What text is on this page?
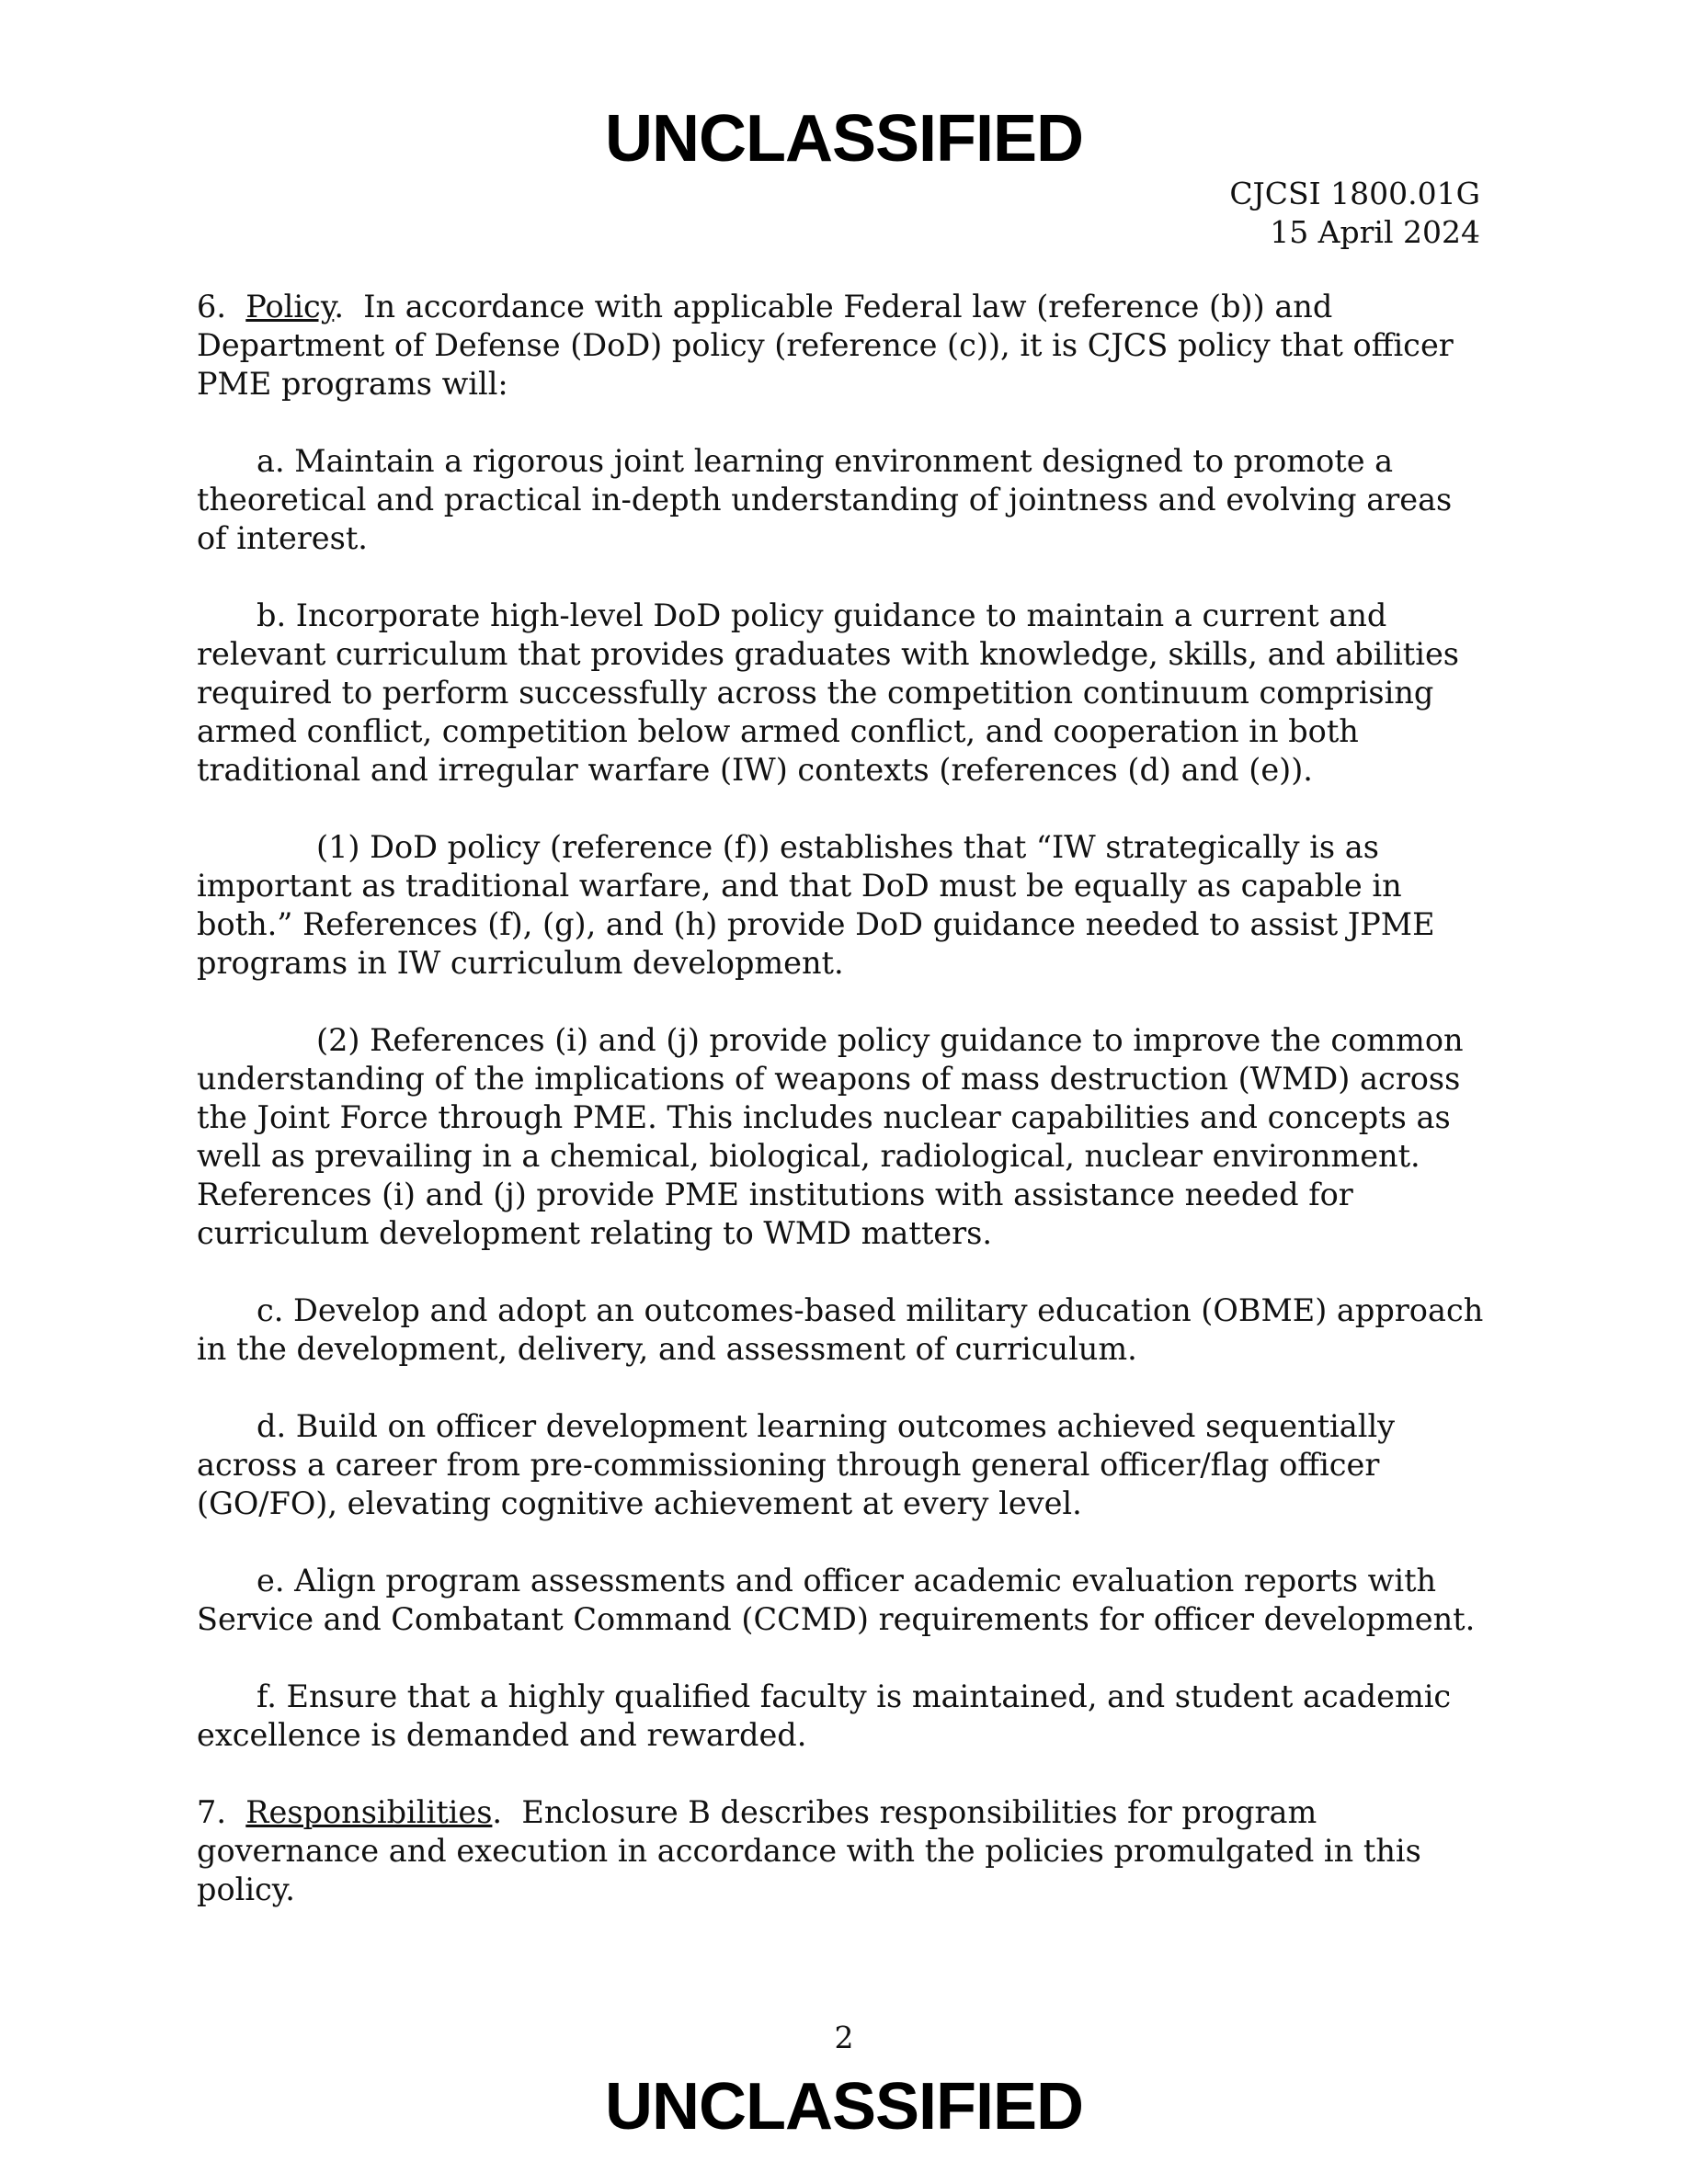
UNCLASSIFIED
CJCSI 1800.01G
15 April 2024

6. Policy.  In accordance with applicable Federal law (reference (b)) and Department of Defense (DoD) policy (reference (c)), it is CJCS policy that officer PME programs will:

a. Maintain a rigorous joint learning environment designed to promote a theoretical and practical in-depth understanding of jointness and evolving areas of interest.

b. Incorporate high-level DoD policy guidance to maintain a current and relevant curriculum that provides graduates with knowledge, skills, and abilities required to perform successfully across the competition continuum comprising armed conflict, competition below armed conflict, and cooperation in both traditional and irregular warfare (IW) contexts (references (d) and (e)).

(1) DoD policy (reference (f)) establishes that “IW strategically is as important as traditional warfare, and that DoD must be equally as capable in both.” References (f), (g), and (h) provide DoD guidance needed to assist JPME programs in IW curriculum development.

(2) References (i) and (j) provide policy guidance to improve the common understanding of the implications of weapons of mass destruction (WMD) across the Joint Force through PME. This includes nuclear capabilities and concepts as well as prevailing in a chemical, biological, radiological, nuclear environment. References (i) and (j) provide PME institutions with assistance needed for curriculum development relating to WMD matters.

c. Develop and adopt an outcomes-based military education (OBME) approach in the development, delivery, and assessment of curriculum.

d. Build on officer development learning outcomes achieved sequentially across a career from pre-commissioning through general officer/flag officer (GO/FO), elevating cognitive achievement at every level.

e. Align program assessments and officer academic evaluation reports with Service and Combatant Command (CCMD) requirements for officer development.

f. Ensure that a highly qualified faculty is maintained, and student academic excellence is demanded and rewarded.

7. Responsibilities.  Enclosure B describes responsibilities for program governance and execution in accordance with the policies promulgated in this policy.

2
UNCLASSIFIED
